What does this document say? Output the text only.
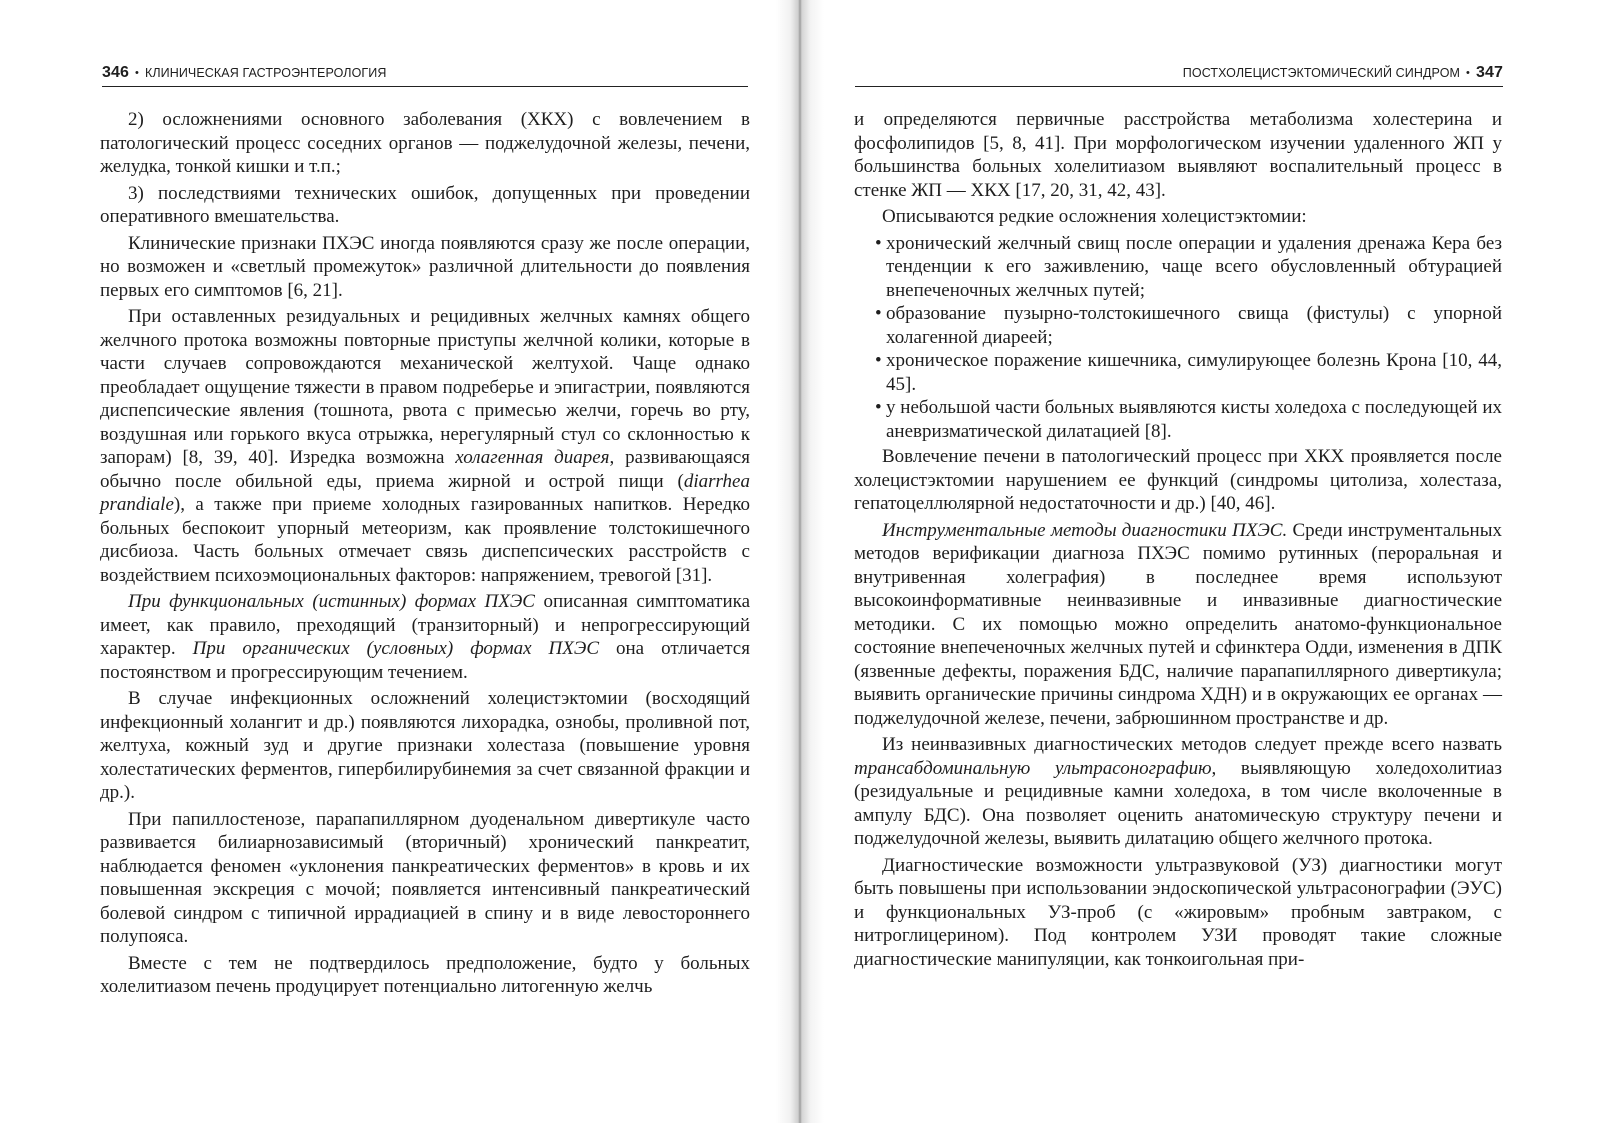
346 • КЛИНИЧЕСКАЯ ГАСТРОЭНТЕРОЛОГИЯ

2) осложнениями основного заболевания (ХКХ) с вовлечением в патологический процесс соседних органов — поджелудочной железы, печени, желудка, тонкой кишки и т.п.;

3) последствиями технических ошибок, допущенных при проведении оперативного вмешательства.

Клинические признаки ПХЭС иногда появляются сразу же после операции, но возможен и «светлый промежуток» различной длительности до появления первых его симптомов [6, 21].

При оставленных резидуальных и рецидивных желчных камнях общего желчного протока возможны повторные приступы желчной колики, которые в части случаев сопровождаются механической желтухой. Чаще однако преобладает ощущение тяжести в правом подреберье и эпигастрии, появляются диспепсические явления (тошнота, рвота с примесью желчи, горечь во рту, воздушная или горького вкуса отрыжка, нерегулярный стул со склонностью к запорам) [8, 39, 40]. Изредка возможна холагенная диарея, развивающаяся обычно после обильной еды, приема жирной и острой пищи (diarrhea prandiale), а также при приеме холодных газированных напитков. Нередко больных беспокоит упорный метеоризм, как проявление толстокишечного дисбиоза. Часть больных отмечает связь диспепсических расстройств с воздействием психоэмоциональных факторов: напряжением, тревогой [31].

При функциональных (истинных) формах ПХЭС описанная симптоматика имеет, как правило, преходящий (транзиторный) и непрогрессирующий характер. При органических (условных) формах ПХЭС она отличается постоянством и прогрессирующим течением.

В случае инфекционных осложнений холецистэктомии (восходящий инфекционный холангит и др.) появляются лихорадка, ознобы, проливной пот, желтуха, кожный зуд и другие признаки холестаза (повышение уровня холестатических ферментов, гипербилирубинемия за счет связанной фракции и др.).

При папиллостенозе, парапапиллярном дуоденальном дивертикуле часто развивается билиарнозависимый (вторичный) хронический панкреатит, наблюдается феномен «уклонения панкреатических ферментов» в кровь и их повышенная экскреция с мочой; появляется интенсивный панкреатический болевой синдром с типичной иррадиацией в спину и в виде левостороннего полупояса.

Вместе с тем не подтвердилось предположение, будто у больных холелитиазом печень продуцирует потенциально литогенную желчь

ПОСТХОЛЕЦИСТЭКТОМИЧЕСКИЙ СИНДРОМ • 347

и определяются первичные расстройства метаболизма холестерина и фосфолипидов [5, 8, 41]. При морфологическом изучении удаленного ЖП у большинства больных холелитиазом выявляют воспалительный процесс в стенке ЖП — ХКХ [17, 20, 31, 42, 43].

Описываются редкие осложнения холецистэктомии:

• хронический желчный свищ после операции и удаления дренажа Кера без тенденции к его заживлению, чаще всего обусловленный обтурацией внепеченочных желчных путей;
• образование пузырно-толстокишечного свища (фистулы) с упорной холагенной диареей;
• хроническое поражение кишечника, симулирующее болезнь Крона [10, 44, 45].
• у небольшой части больных выявляются кисты холедоха с последующей их аневризматической дилатацией [8].

Вовлечение печени в патологический процесс при ХКХ проявляется после холецистэктомии нарушением ее функций (синдромы цитолиза, холестаза, гепатоцеллюлярной недостаточности и др.) [40, 46].

Инструментальные методы диагностики ПХЭС. Среди инструментальных методов верификации диагноза ПХЭС помимо рутинных (пероральная и внутривенная холеграфия) в последнее время используют высокоинформативные неинвазивные и инвазивные диагностические методики. С их помощью можно определить анатомо-функциональное состояние внепеченочных желчных путей и сфинктера Одди, изменения в ДПК (язвенные дефекты, поражения БДС, наличие парапапиллярного дивертикула; выявить органические причины синдрома ХДН) и в окружающих ее органах — поджелудочной железе, печени, забрюшинном пространстве и др.

Из неинвазивных диагностических методов следует прежде всего назвать трансабдоминальную ультрасонографию, выявляющую холедохолитиаз (резидуальные и рецидивные камни холедоха, в том числе вколоченные в ампулу БДС). Она позволяет оценить анатомическую структуру печени и поджелудочной железы, выявить дилатацию общего желчного протока.

Диагностические возможности ультразвуковой (УЗ) диагностики могут быть повышены при использовании эндоскопической ультрасонографии (ЭУС) и функциональных УЗ-проб (с «жировым» пробным завтраком, с нитроглицерином). Под контролем УЗИ проводят такие сложные диагностические манипуляции, как тонкоигольная при-
